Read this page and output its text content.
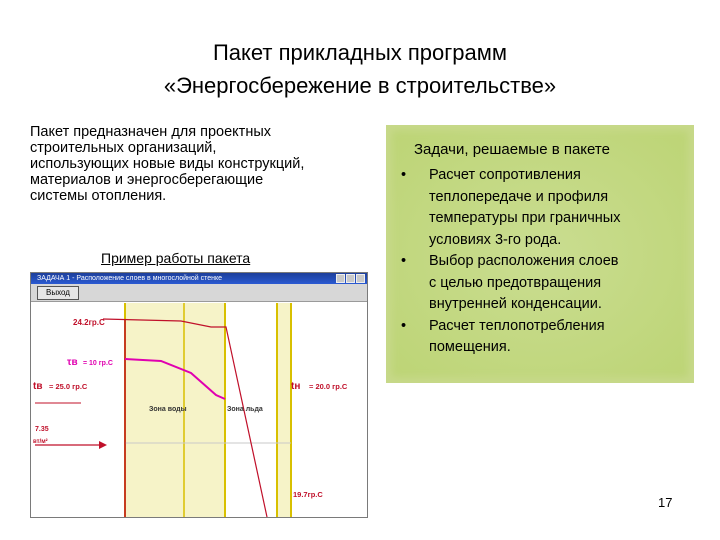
Пакет прикладных программ
«Энергосбережение в строительстве»
Пакет предназначен для проектных
строительных организаций,
использующих новые виды конструкций,
материалов и энергосберегающие
системы отопления.
Пример работы пакета
ЗАДАЧА 1 - Расположение слоев в многослойной стенке
Выход
24.2гр.С
τв = 10 гр.С
tв = 25.0 гр.С	tн = 20.0 гр.С
Зона воды	Зона льда
7.35
вт/м²
19.7гр.С
Задачи, решаемые в пакете
• Расчет сопротивления
теплопередаче и профиля
температуры при граничных
условиях 3-го рода.
• Выбор расположения слоев
с целью предотвращения
внутренней конденсации.
• Расчет теплопотребления
помещения.
17
